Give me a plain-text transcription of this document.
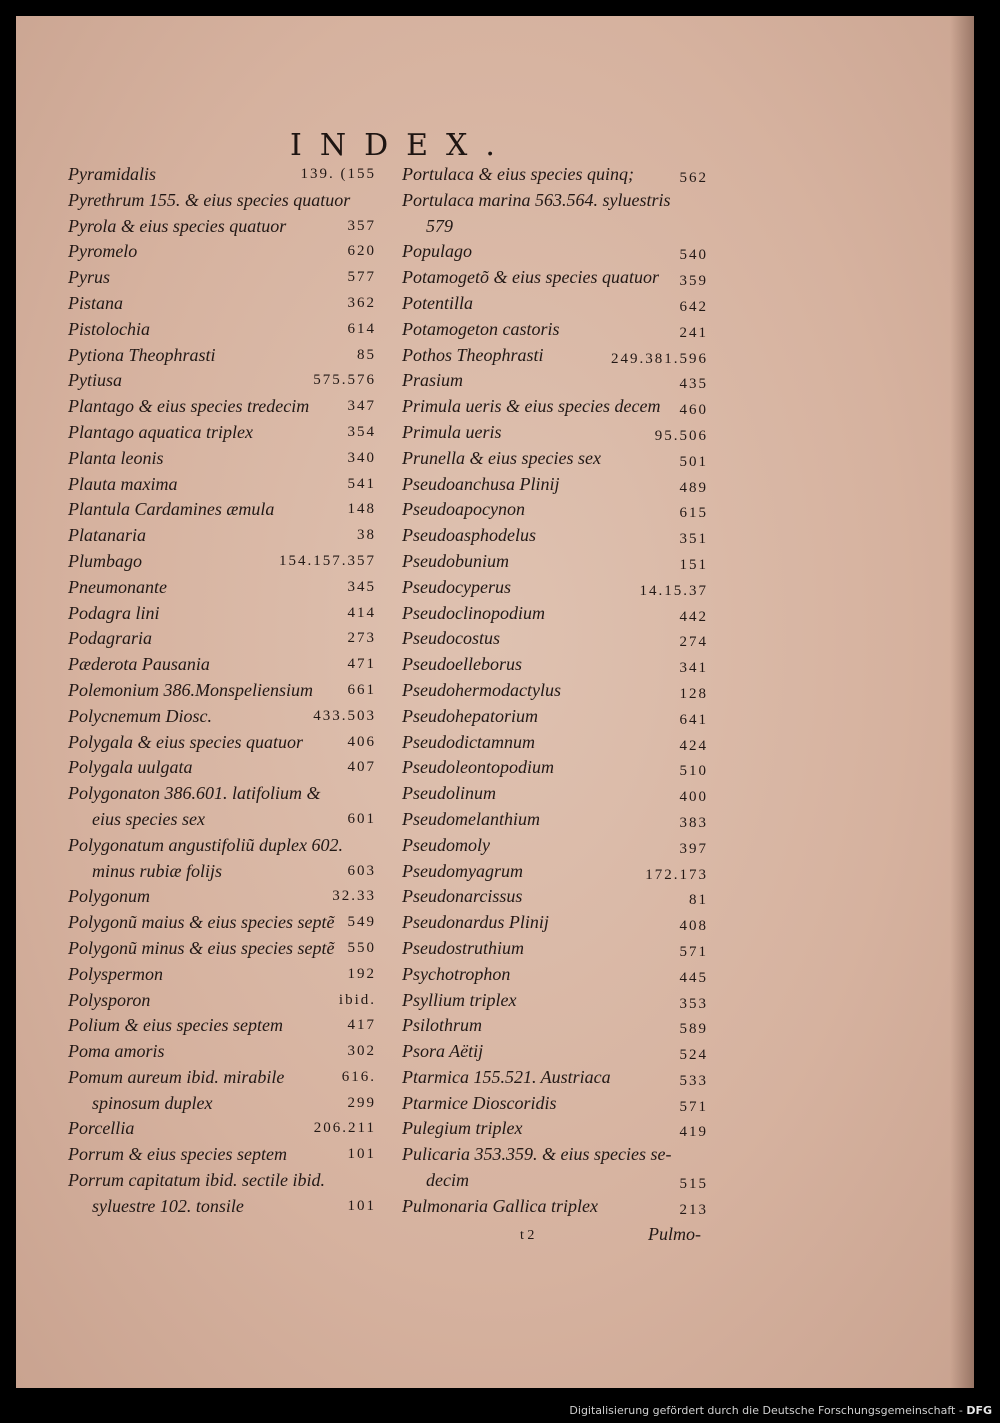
INDEX.
Pyramidalis	139. (155
Pyrethrum 155. & eius species quatuor
Pyrola & eius species quatuor	357
Pyromelo	620
Pyrus	577
Pistana	362
Pistolochia	614
Pytiona Theophrasti	85
Pytiusa	575.576
Plantago & eius species tredecim	347
Plantago aquatica triplex	354
Planta leonis	340
Plauta maxima	541
Plantula Cardamines æmula	148
Platanaria	38
Plumbago	154.157.357
Pneumonante	345
Podagra lini	414
Podagraria	273
Pæderota Pausania	471
Polemonium 386.Monspeliensium 661
Polycnemum Diosc.	433.503
Polygala & eius species quatuor	406
Polygala uulgata	407
Polygonaton 386.601. latifolium &
eius species sex	601
Polygonatum angustifoliũ duplex 602.
minus rubiæ folijs	603
Polygonum	32.33
Polygonũ maius & eius species septẽ 549
Polygonũ minus & eius species septẽ 550
Polyspermon	192
Polysporon	ibid.
Polium & eius species septem	417
Poma amoris	302
Pomum aureum ibid. mirabile	616.
spinosum duplex	299
Porcellia	206.211
Porrum & eius species septem	101
Porrum capitatum ibid. sectile ibid.
syluestre 102. tonsile	101
Portulaca & eius species quinq;	562
Portulaca marina 563.564. syluestris
579
Populago	540
Potamogetõ & eius species quatuor 359
Potentilla	642
Potamogeton castoris	241
Pothos Theophrasti	249.381.596
Prasium	435
Primula ueris & eius species decem 460
Primula ueris	95.506
Prunella & eius species sex	501
Pseudoanchusa Plinij	489
Pseudoapocynon	615
Pseudoasphodelus	351
Pseudobunium	151
Pseudocyperus	14.15.37
Pseudoclinopodium	442
Pseudocostus	274
Pseudoelleborus	341
Pseudohermodactylus	128
Pseudohepatorium	641
Pseudodictamnum	424
Pseudoleontopodium	510
Pseudolinum	400
Pseudomelanthium	383
Pseudomoly	397
Pseudomyagrum	172.173
Pseudonarcissus	81
Pseudonardus Plinij	408
Pseudostruthium	571
Psychotrophon	445
Psyllium triplex	353
Psilothrum	589
Psora Aëtij	524
Ptarmica 155.521. Austriaca	533
Ptarmice Dioscoridis	571
Pulegium triplex	419
Pulicaria 353.359. & eius species se-
decim	515
Pulmonaria Gallica triplex	213
t 2	Pulmo-
Digitalisierung gefördert durch die Deutsche Forschungsgemeinschaft - DFG
